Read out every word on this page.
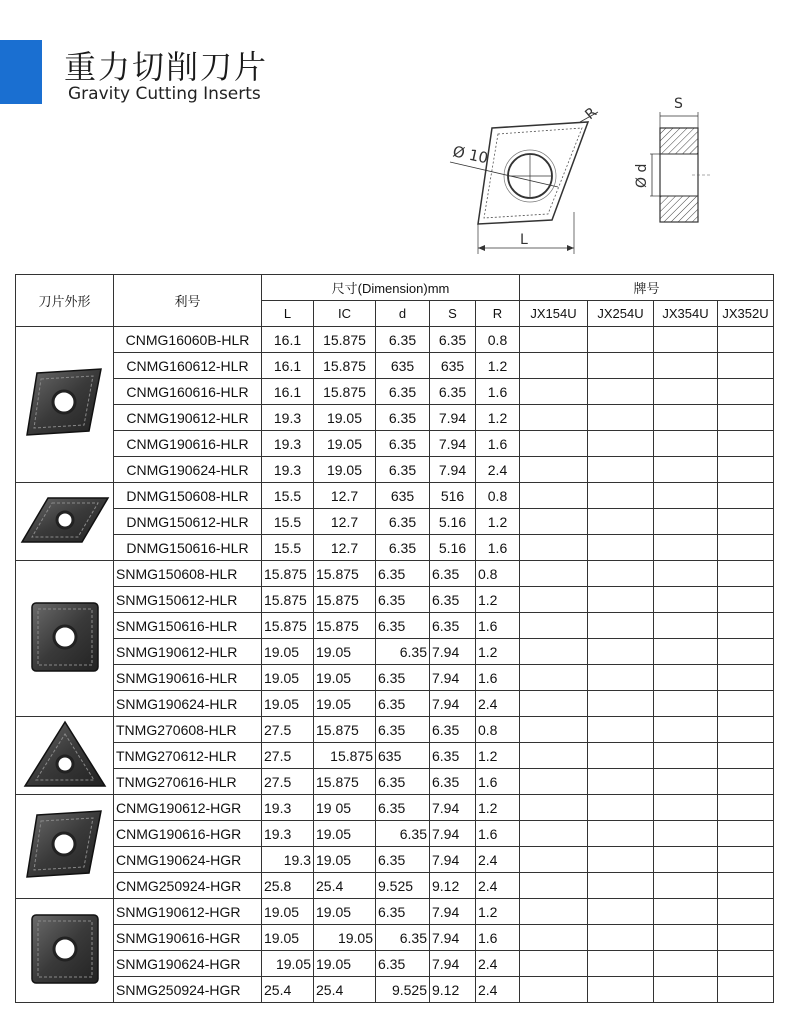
重力切削刀片
Gravity Cutting Inserts
Ø 10
R
L
S
Ø d
刀片外形	利号	尺寸(Dimension)mm					牌号			
		L	IC	d	S	R	JX154U	JX254U	JX354U	JX352U
	CNMG16060B-HLR	16.1	15.875	6.35	6.35	0.8				
	CNMG160612-HLR	16.1	15.875	635	635	1.2				
	CNMG160616-HLR	16.1	15.875	6.35	6.35	1.6				
	CNMG190612-HLR	19.3	19.05	6.35	7.94	1.2				
	CNMG190616-HLR	19.3	19.05	6.35	7.94	1.6				
	CNMG190624-HLR	19.3	19.05	6.35	7.94	2.4				
	DNMG150608-HLR	15.5	12.7	635	516	0.8				
	DNMG150612-HLR	15.5	12.7	6.35	5.16	1.2				
	DNMG150616-HLR	15.5	12.7	6.35	5.16	1.6				
	SNMG150608-HLR	15.875	15.875	6.35	6.35	0.8				
	SNMG150612-HLR	15.875	15.875	6.35	6.35	1.2				
	SNMG150616-HLR	15.875	15.875	6.35	6.35	1.6				
	SNMG190612-HLR	19.05	19.05	6.35	7.94	1.2				
	SNMG190616-HLR	19.05	19.05	6.35	7.94	1.6				
	SNMG190624-HLR	19.05	19.05	6.35	7.94	2.4				
	TNMG270608-HLR	27.5	15.875	6.35	6.35	0.8				
	TNMG270612-HLR	27.5	15.875	635	6.35	1.2				
	TNMG270616-HLR	27.5	15.875	6.35	6.35	1.6				
	CNMG190612-HGR	19.3	19 05	6.35	7.94	1.2				
	CNMG190616-HGR	19.3	19.05	6.35	7.94	1.6				
	CNMG190624-HGR	19.3	19.05	6.35	7.94	2.4				
	CNMG250924-HGR	25.8	25.4	9.525	9.12	2.4				
	SNMG190612-HGR	19.05	19.05	6.35	7.94	1.2				
	SNMG190616-HGR	19.05	19.05	6.35	7.94	1.6				
	SNMG190624-HGR	19.05	19.05	6.35	7.94	2.4				
	SNMG250924-HGR	25.4	25.4	9.525	9.12	2.4				
